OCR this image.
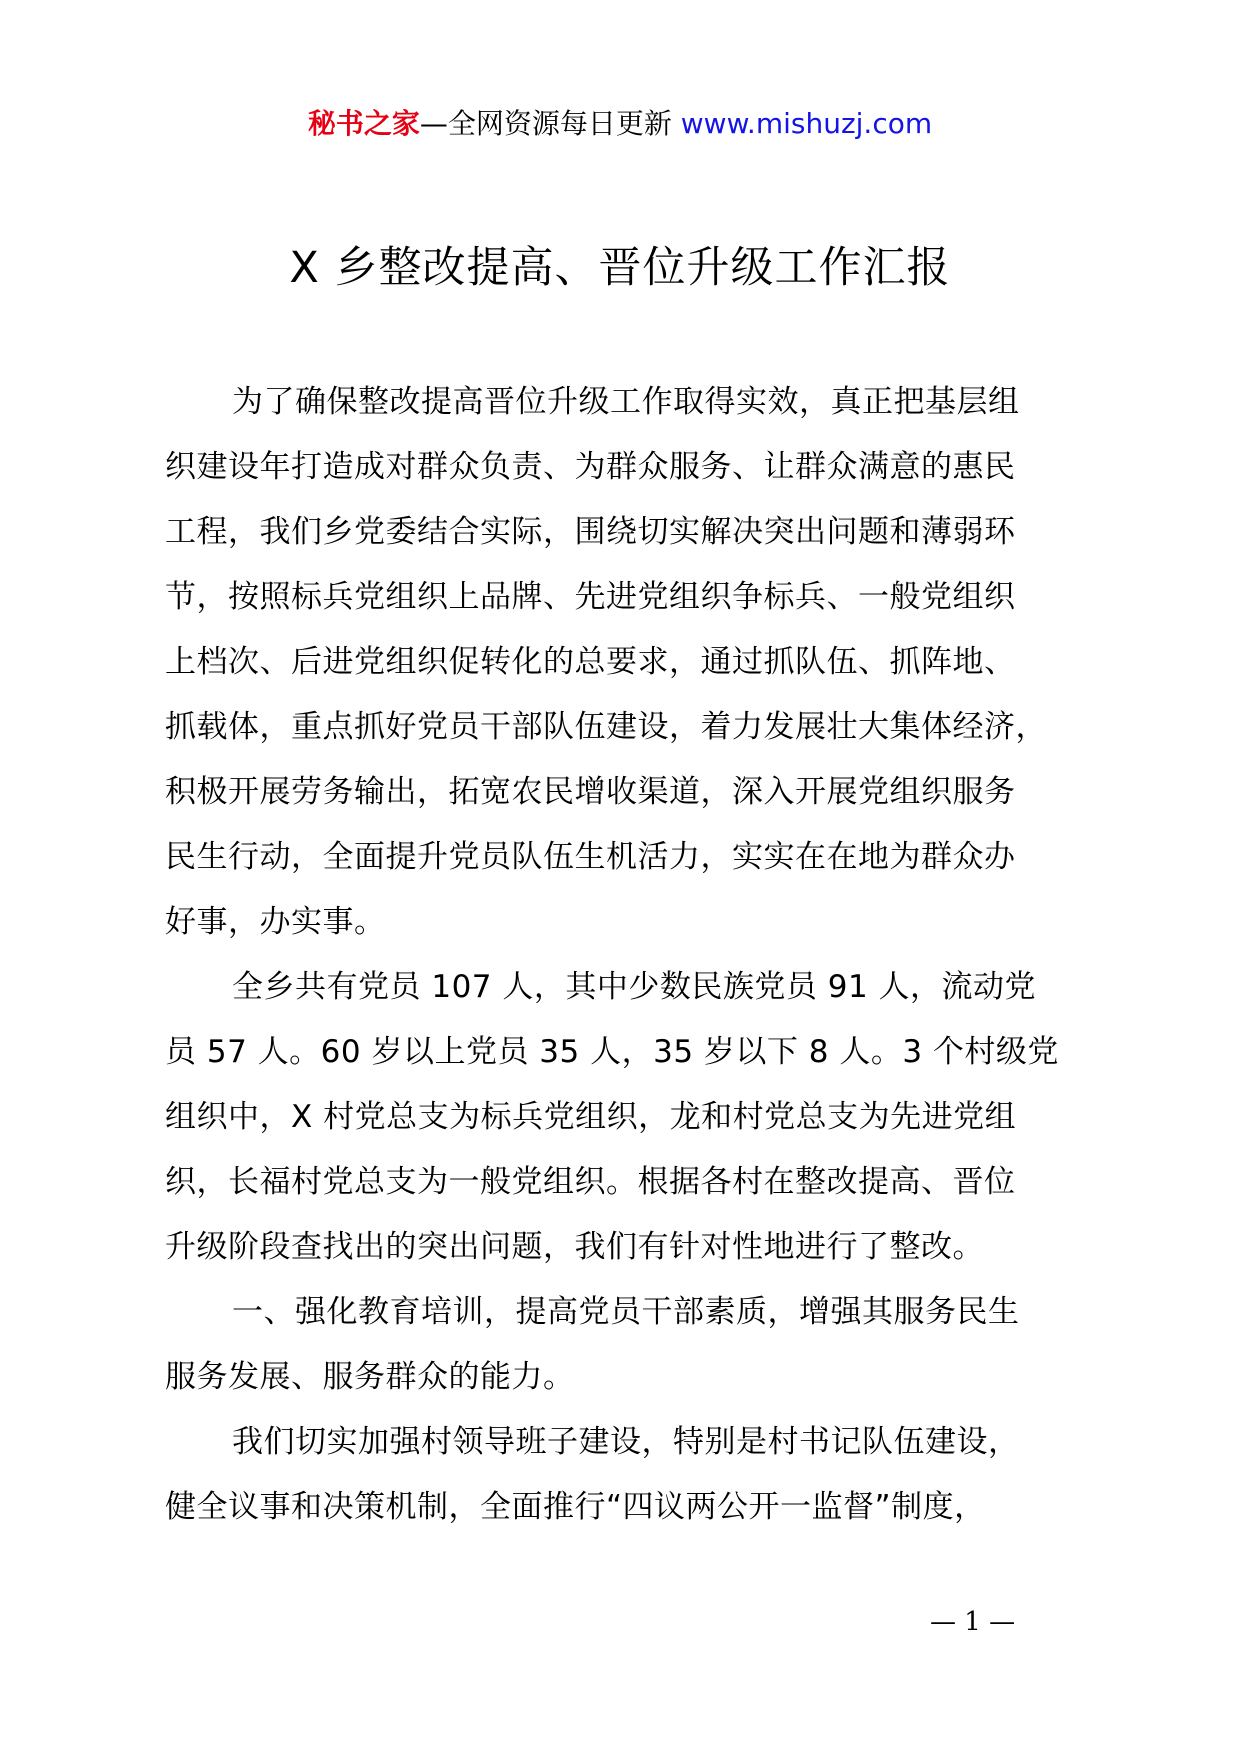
秘书之家—全网资源每日更新 www.mishuzj.com
X 乡整改提高、晋位升级工作汇报
为了确保整改提高晋位升级工作取得实效，真正把基层组
织建设年打造成对群众负责、为群众服务、让群众满意的惠民
工程，我们乡党委结合实际，围绕切实解决突出问题和薄弱环
节，按照标兵党组织上品牌、先进党组织争标兵、一般党组织
上档次、后进党组织促转化的总要求，通过抓队伍、抓阵地、
抓载体，重点抓好党员干部队伍建设，着力发展壮大集体经济，
积极开展劳务输出，拓宽农民增收渠道，深入开展党组织服务
民生行动，全面提升党员队伍生机活力，实实在在地为群众办
好事，办实事。
全乡共有党员 107 人，其中少数民族党员 91 人，流动党
员 57 人。60 岁以上党员 35 人，35 岁以下 8 人。3 个村级党
组织中，X 村党总支为标兵党组织，龙和村党总支为先进党组
织，长福村党总支为一般党组织。根据各村在整改提高、晋位
升级阶段查找出的突出问题，我们有针对性地进行了整改。
一、强化教育培训，提高党员干部素质，增强其服务民生
服务发展、服务群众的能力。
我们切实加强村领导班子建设，特别是村书记队伍建设，
健全议事和决策机制，全面推行“四议两公开一监督”制度，
— 1 —
